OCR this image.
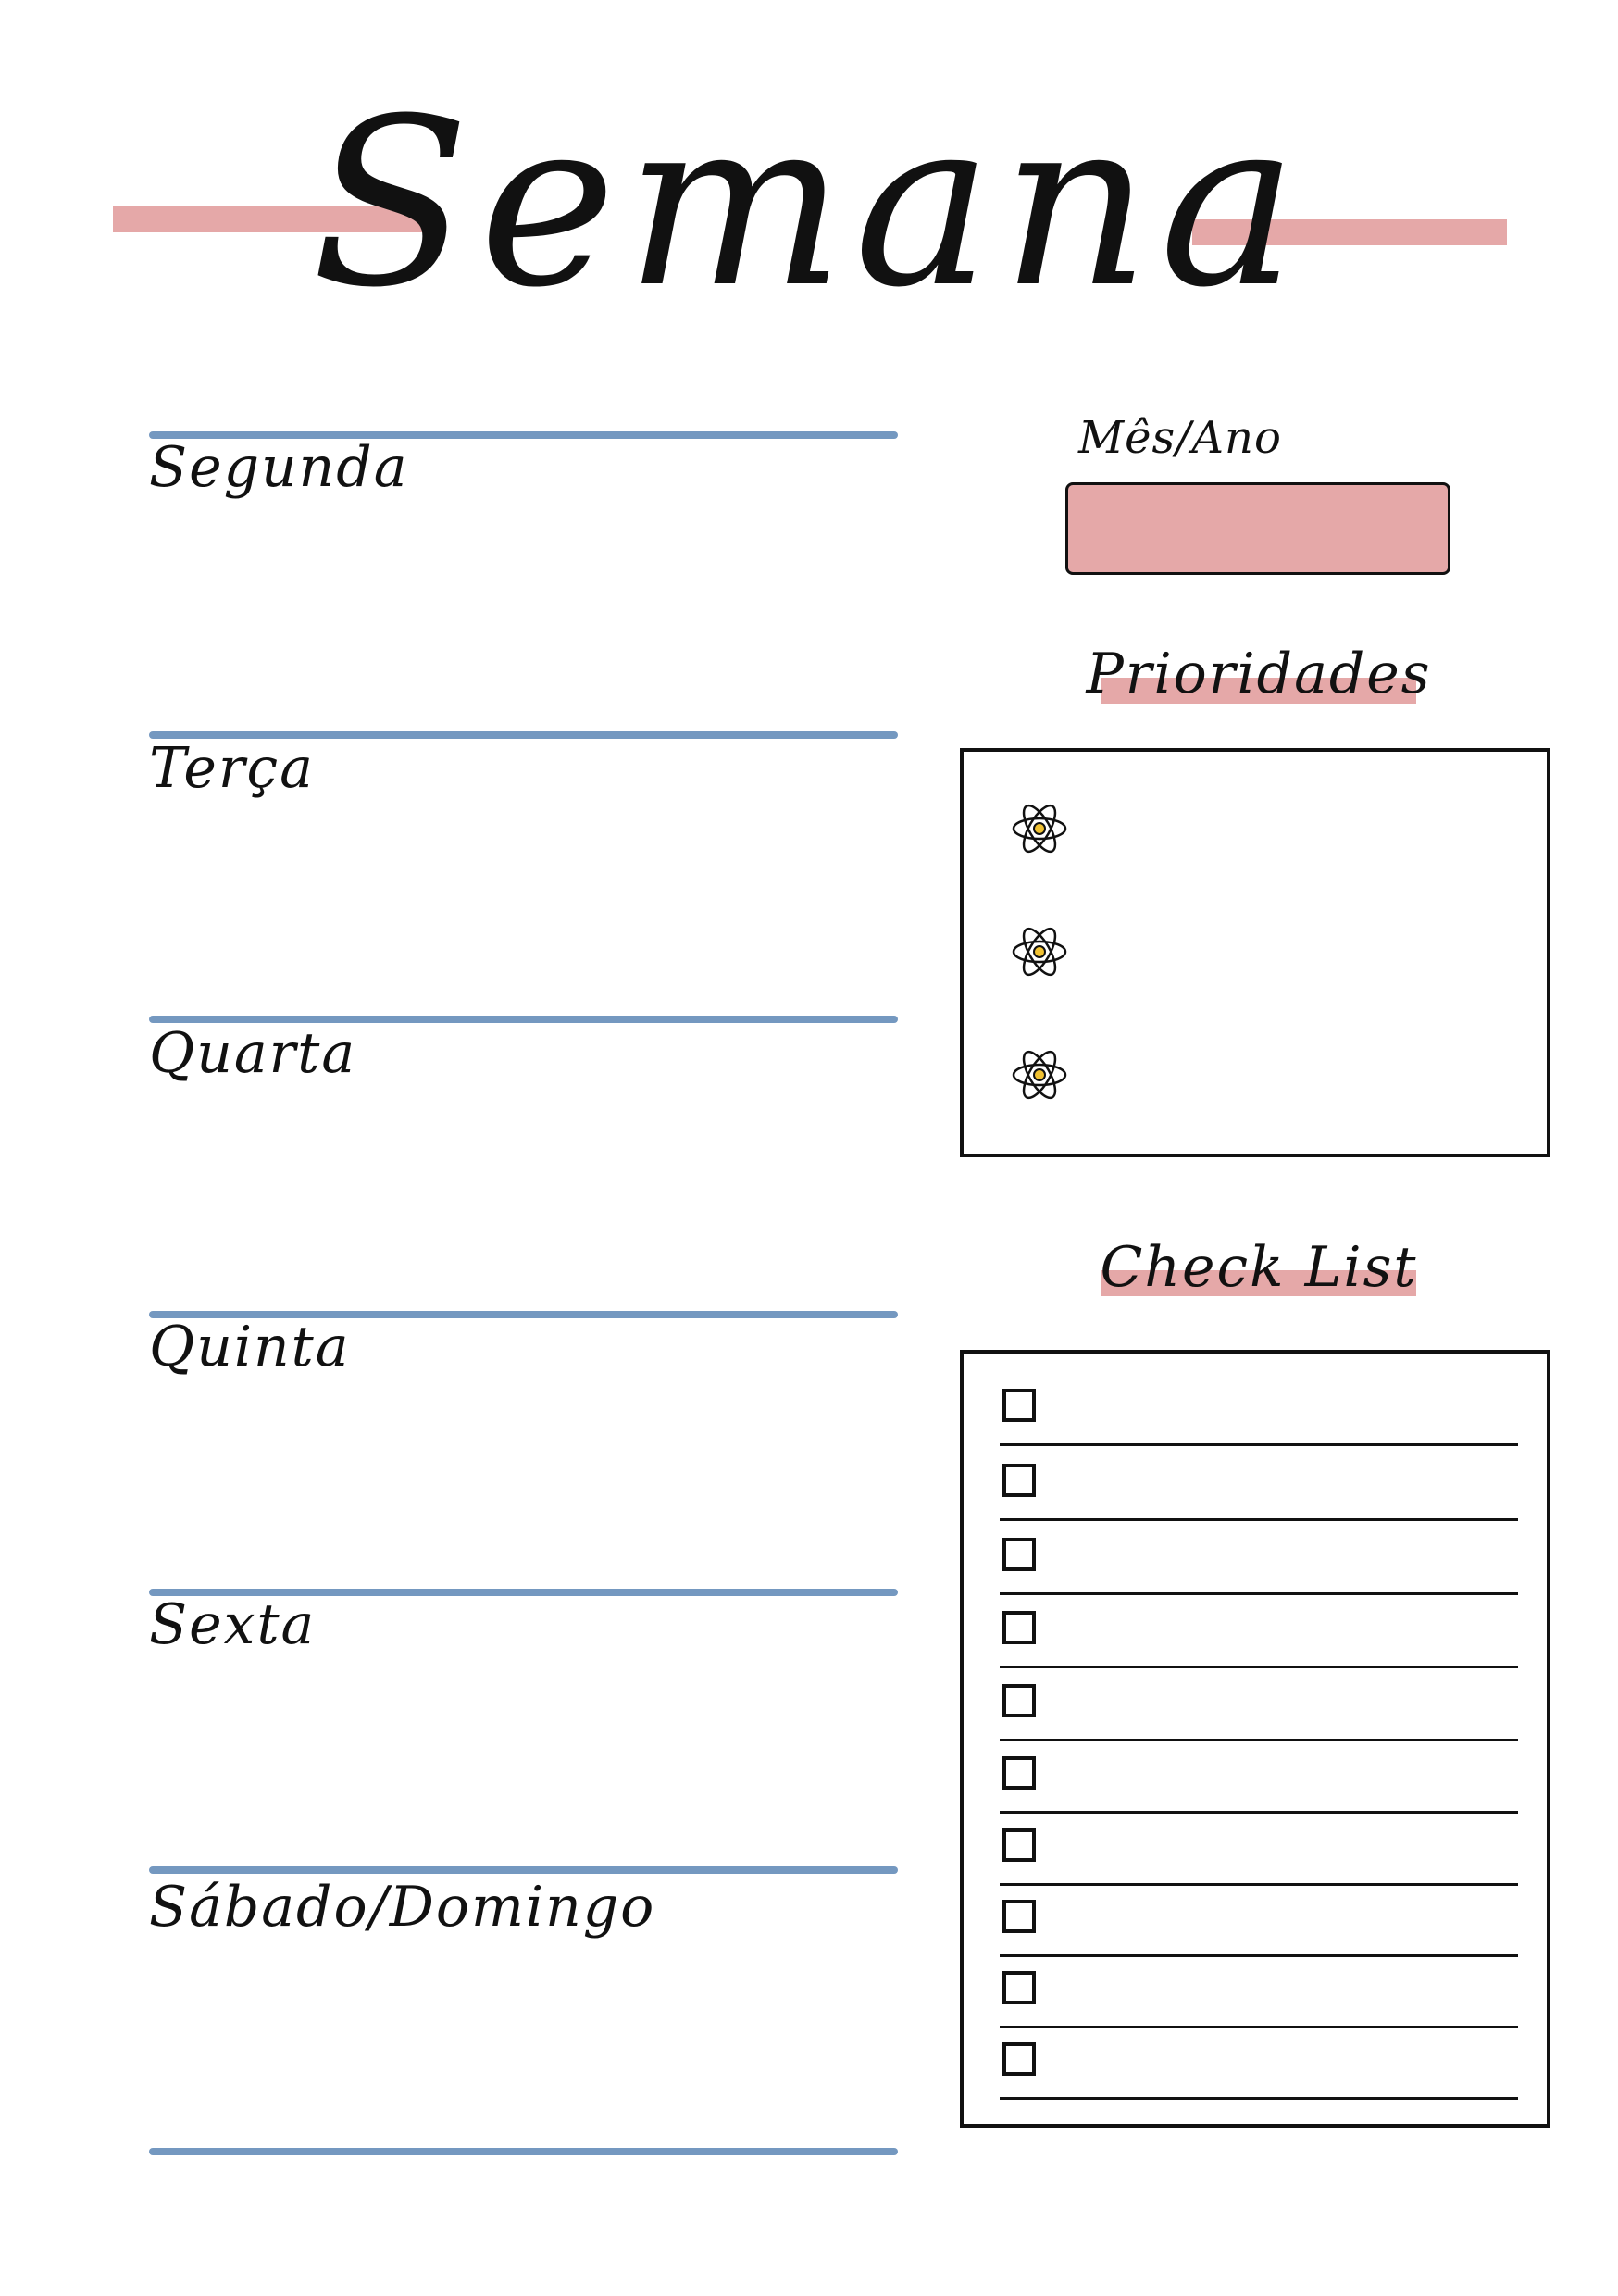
Semana
Segunda
Terça
Quarta
Quinta
Sexta
Sábado/Domingo
Mês/Ano
Prioridades
Check List
